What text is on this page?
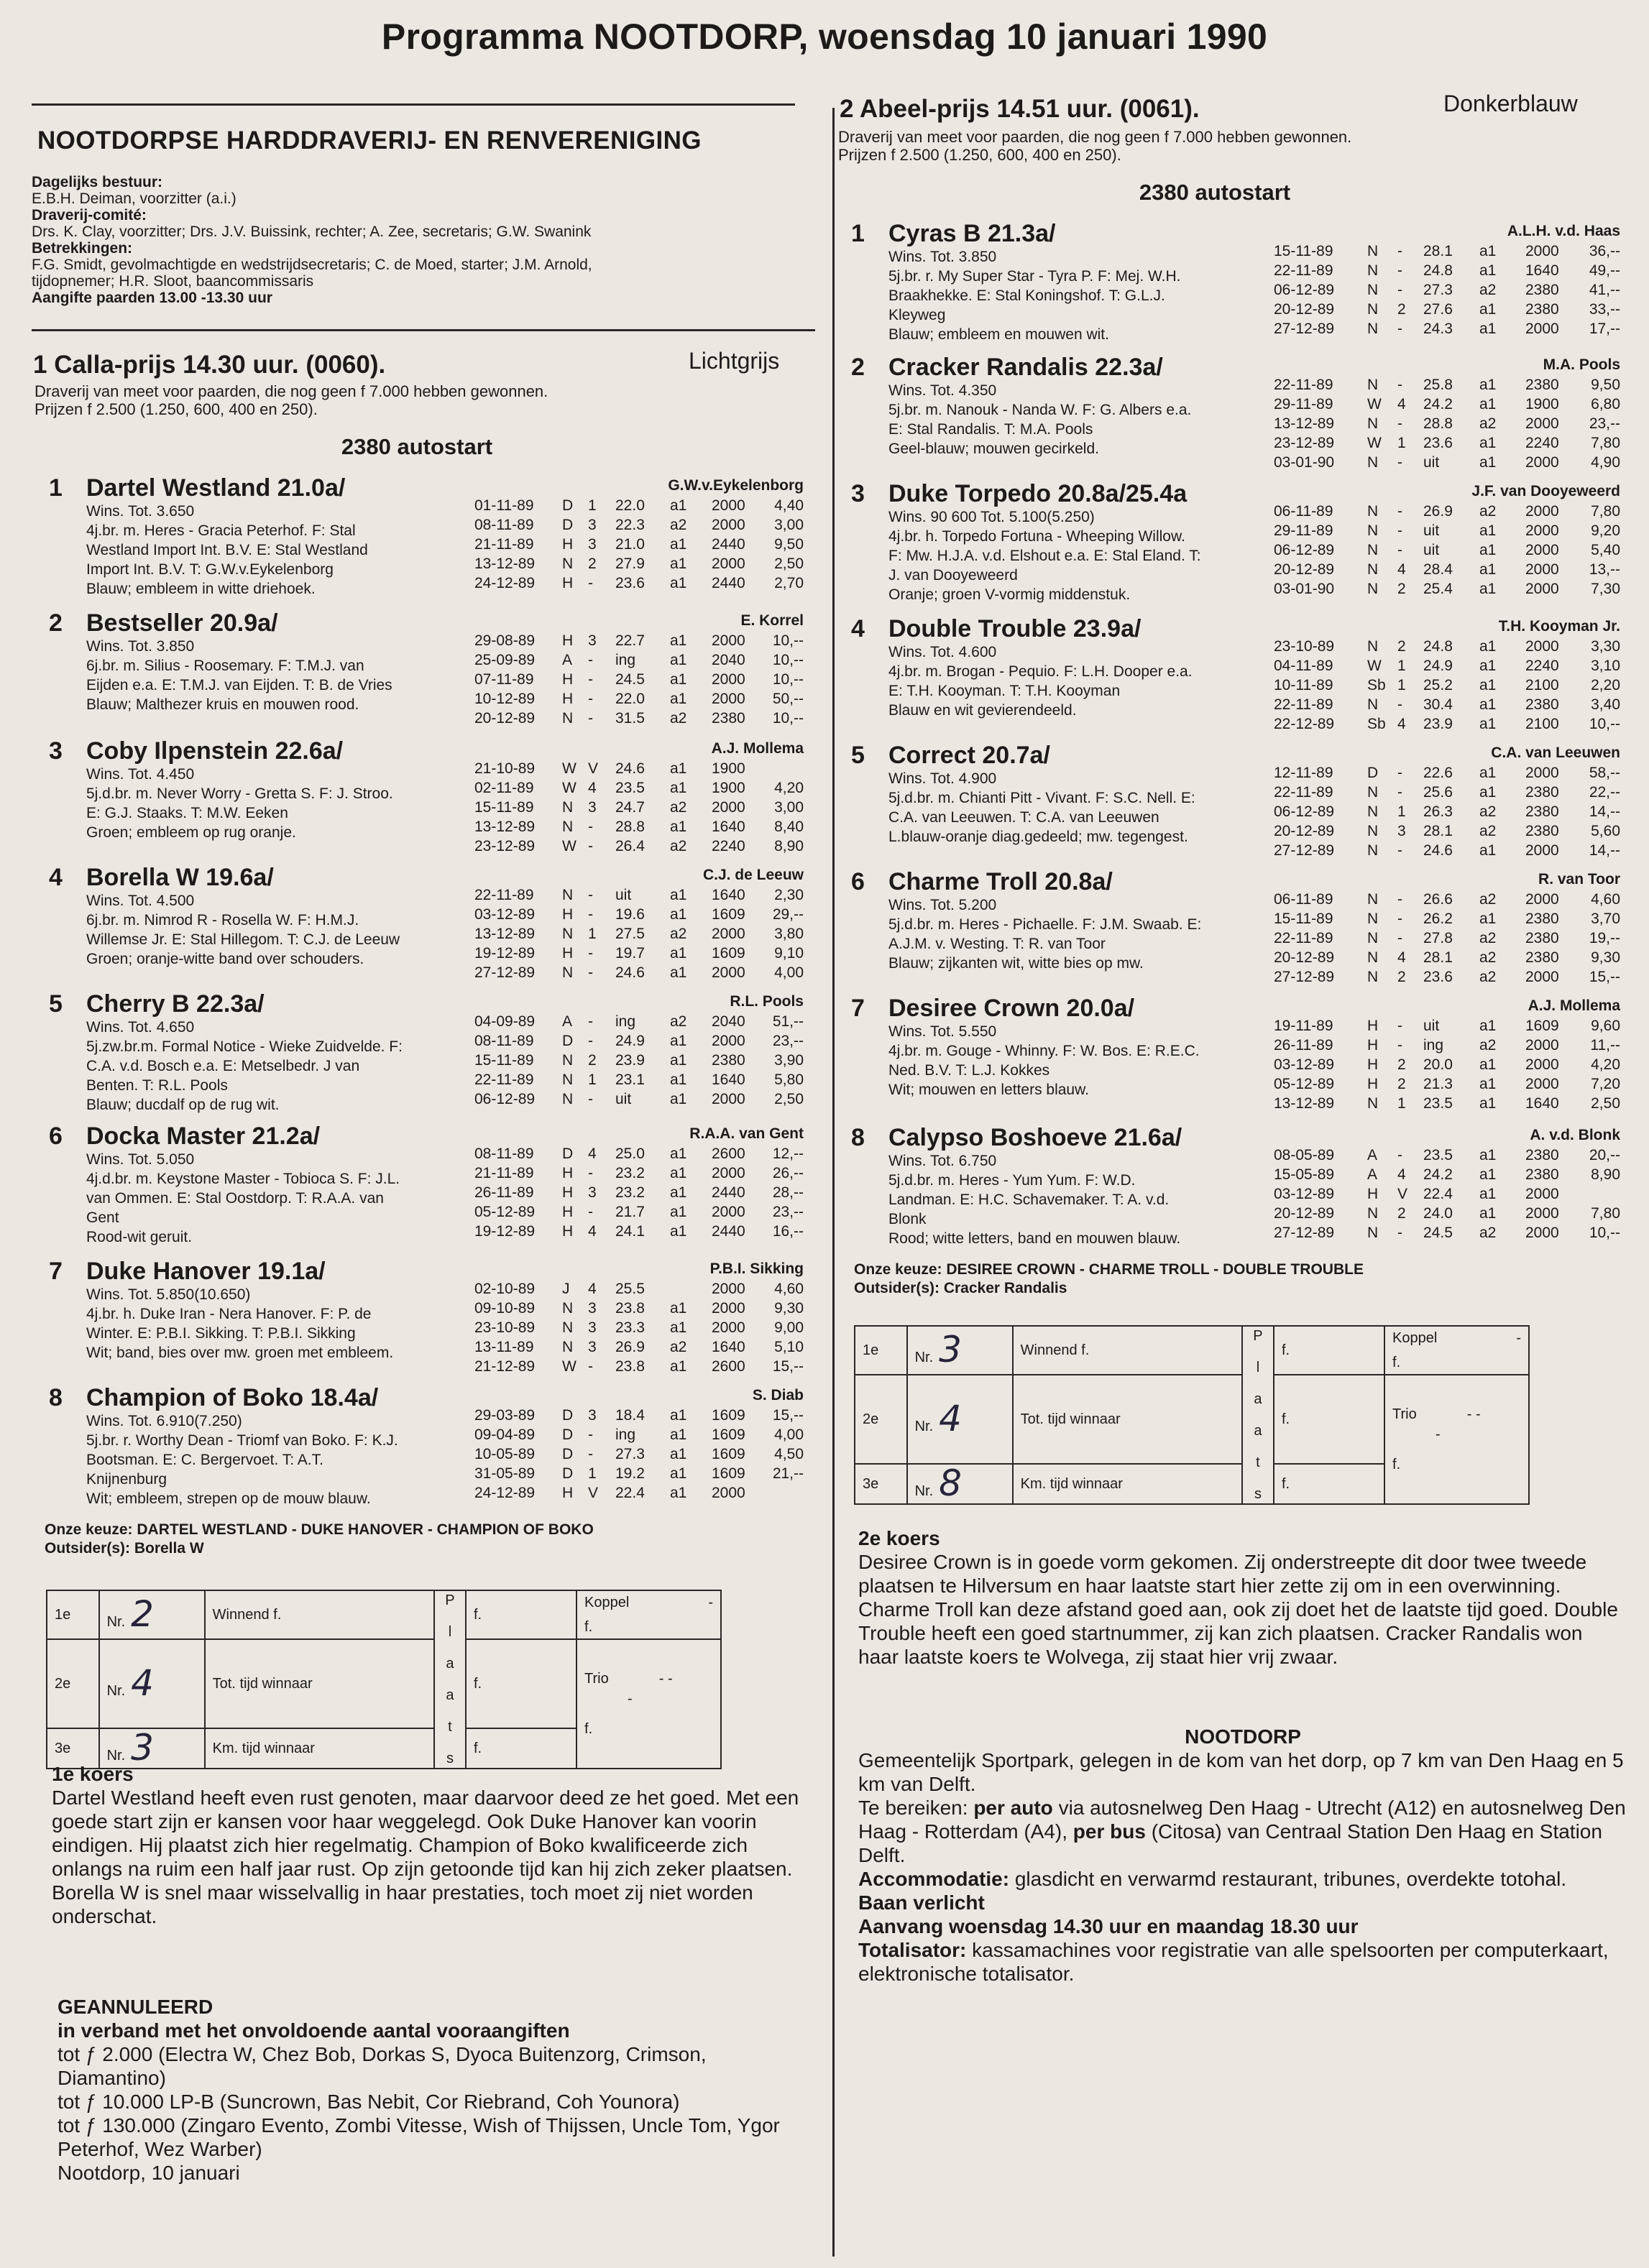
Programma NOOTDORP, woensdag 10 januari 1990
NOOTDORPSE HARDDRAVERIJ- EN RENVERENIGING
Dagelijks bestuur:
E.B.H. Deiman, voorzitter (a.i.)
Draverij-comité:
Drs. K. Clay, voorzitter; Drs. J.V. Buissink, rechter; A. Zee, secretaris; G.W. Swanink
Betrekkingen:
F.G. Smidt, gevolmachtigde en wedstrijdsecretaris; C. de Moed, starter; J.M. Arnold,
tijdopnemer; H.R. Sloot, baancommissaris
Aangifte paarden 13.00 -13.30 uur
1 Calla-prijs 14.30 uur. (0060).	Lichtgrijs
Draverij van meet voor paarden, die nog geen f 7.000 hebben gewonnen.
Prijzen f 2.500 (1.250, 600, 400 en 250).
2380 autostart
1 Dartel Westland 21.0a/	G.W.v.Eykelenborg
Wins. Tot. 3.650
4j.br. m. Heres - Gracia Peterhof. F: Stal
Westland Import Int. B.V. E: Stal Westland
Import Int. B.V. T: G.W.v.Eykelenborg
Blauw; embleem in witte driehoek.
01-11-89 D 1 22.0 a1 2000 4,40
08-11-89 D 3 22.3 a2 2000 3,00
21-11-89 H 3 21.0 a1 2440 9,50
13-12-89 N 2 27.9 a1 2000 2,50
24-12-89 H - 23.6 a1 2440 2,70
2 Bestseller 20.9a/	E. Korrel
Wins. Tot. 3.850
6j.br. m. Silius - Roosemary. F: T.M.J. van
Eijden e.a. E: T.M.J. van Eijden. T: B. de Vries
Blauw; Malthezer kruis en mouwen rood.
29-08-89 H 3 22.7 a1 2000 10,--
25-09-89 A - ing a1 2040 10,--
07-11-89 H - 24.5 a1 2000 10,--
10-12-89 H - 22.0 a1 2000 50,--
20-12-89 N - 31.5 a2 2380 10,--
3 Coby Ilpenstein 22.6a/	A.J. Mollema
Wins. Tot. 4.450
5j.d.br. m. Never Worry - Gretta S. F: J. Stroo.
E: G.J. Staaks. T: M.W. Eeken
Groen; embleem op rug oranje.
21-10-89 W V 24.6 a1 1900
02-11-89 W 4 23.5 a1 1900 4,20
15-11-89 N 3 24.7 a2 2000 3,00
13-12-89 N - 28.8 a1 1640 8,40
23-12-89 W - 26.4 a2 2240 8,90
4 Borella W 19.6a/	C.J. de Leeuw
Wins. Tot. 4.500
6j.br. m. Nimrod R - Rosella W. F: H.M.J.
Willemse Jr. E: Stal Hillegom. T: C.J. de Leeuw
Groen; oranje-witte band over schouders.
22-11-89 N - uit	a1 1640 2,30
03-12-89 H - 19.6 a1 1609 29,--
13-12-89 N 1 27.5 a2 2000 3,80
19-12-89 H - 19.7 a1 1609 9,10
27-12-89 N - 24.6 a1 2000 4,00
5 Cherry B 22.3a/	R.L. Pools
Wins. Tot. 4.650
5j.zw.br.m. Formal Notice - Wieke Zuidvelde. F:
C.A. v.d. Bosch e.a. E: Metselbedr. J van
Benten. T: R.L. Pools
Blauw; ducdalf op de rug wit.
04-09-89 A - ing a2 2040 51,--
08-11-89 D - 24.9 a1 2000 23,--
15-11-89 N 2 23.9 a1 2380 3,90
22-11-89 N 1 23.1 a1 1640 5,80
06-12-89 N - uit	a1 2000 2,50
6 Docka Master 21.2a/	R.A.A. van Gent
Wins. Tot. 5.050
4j.d.br. m. Keystone Master - Tobioca S. F: J.L.
van Ommen. E: Stal Oostdorp. T: R.A.A. van
Gent
Rood-wit geruit.
08-11-89 D 4 25.0 a1 2600 12,--
21-11-89 H - 23.2 a1 2000 26,--
26-11-89 H 3 23.2 a1 2440 28,--
05-12-89 H - 21.7 a1 2000 23,--
19-12-89 H 4 24.1 a1 2440 16,--
7 Duke Hanover 19.1a/	P.B.I. Sikking
Wins. Tot. 5.850(10.650)
4j.br. h. Duke Iran - Nera Hanover. F: P. de
Winter. E: P.B.I. Sikking. T: P.B.I. Sikking
Wit; band, bies over mw. groen met embleem.
02-10-89 J 4 25.5	2000 4,60
09-10-89 N 3 23.8 a1 2000 9,30
23-10-89 N 3 23.3 a1 2000 9,00
13-11-89 N 3 26.9 a2 1640 5,10
21-12-89 W - 23.8 a1 2600 15,--
8 Champion of Boko 18.4a/	S. Diab
Wins. Tot. 6.910(7.250)
5j.br. r. Worthy Dean - Triomf van Boko. F: K.J.
Bootsman. E: C. Bergervoet. T: A.T.
Knijnenburg
Wit; embleem, strepen op de mouw blauw.
29-03-89 D 3 18.4 a1 1609 15,--
09-04-89 D - ing a1 1609 4,00
10-05-89 D - 27.3 a1 1609 4,50
31-05-89 D 1 19.2 a1 1609 21,--
24-12-89 H V 22.4 a1 2000
Onze keuze: DARTEL WESTLAND - DUKE HANOVER - CHAMPION OF BOKO
Outsider(s): Borella W
1e	Nr. 2	Winnend f.	P l a a t s	f.	Koppel -
f.

2e	Nr. 4	Tot. tijd winnaar		f.	Trio - --
f.

3e	Nr. 3	Km. tijd winnaar		f.	
1e koers
Dartel Westland heeft even rust genoten, maar daarvoor deed ze het goed. Met een goede start zijn er kansen voor haar weggelegd. Ook Duke Hanover kan voorin eindigen. Hij plaatst zich hier regelmatig. Champion of Boko kwalificeerde zich onlangs na ruim een half jaar rust. Op zijn getoonde tijd kan hij zich zeker plaatsen. Borella W is snel maar wisselvallig in haar prestaties, toch moet zij niet worden onderschat.
GEANNULEERD
in verband met het onvoldoende aantal vooraangiften
tot ƒ 2.000 (Electra W, Chez Bob, Dorkas S, Dyoca Buitenzorg, Crimson, Diamantino)
tot ƒ 10.000 LP-B (Suncrown, Bas Nebit, Cor Riebrand, Coh Younora)
tot ƒ 130.000 (Zingaro Evento, Zombi Vitesse, Wish of Thijssen, Uncle Tom, Ygor Peterhof, Wez Warber)
Nootdorp, 10 januari
2 Abeel-prijs 14.51 uur. (0061).	Donkerblauw
Draverij van meet voor paarden, die nog geen f 7.000 hebben gewonnen.
Prijzen f 2.500 (1.250, 600, 400 en 250).
2380 autostart
1 Cyras B 21.3a/	A.L.H. v.d. Haas
Wins. Tot. 3.850
5j.br. r. My Super Star - Tyra P. F: Mej. W.H.
Braakhekke. E: Stal Koningshof. T: G.L.J.
Kleyweg
Blauw; embleem en mouwen wit.
15-11-89 N - 28.1 a1 2000 36,--
22-11-89 N - 24.8 a1 1640 49,--
06-12-89 N - 27.3 a2 2380 41,--
20-12-89 N 2 27.6 a1 2380 33,--
27-12-89 N - 24.3 a1 2000 17,--
2 Cracker Randalis 22.3a/	M.A. Pools
Wins. Tot. 4.350
5j.br. m. Nanouk - Nanda W. F: G. Albers e.a.
E: Stal Randalis. T: M.A. Pools
Geel-blauw; mouwen gecirkeld.
22-11-89 N - 25.8 a1 2380 9,50
29-11-89 W 4 24.2 a1 1900 6,80
13-12-89 N - 28.8 a2 2000 23,--
23-12-89 W 1 23.6 a1 2240 7,80
03-01-90 N - uit	a1 2000 4,90
3 Duke Torpedo 20.8a/25.4a	J.F. van Dooyeweerd
Wins. 90 600 Tot. 5.100(5.250)
4j.br. h. Torpedo Fortuna - Wheeping Willow.
F: Mw. H.J.A. v.d. Elshout e.a. E: Stal Eland. T:
J. van Dooyeweerd
Oranje; groen V-vormig middenstuk.
06-11-89 N - 26.9 a2 2000 7,80
29-11-89 N - uit	a1 2000 9,20
06-12-89 N - uit	a1 2000 5,40
20-12-89 N 4 28.4 a1 2000 13,--
03-01-90 N 2 25.4 a1 2000 7,30
4 Double Trouble 23.9a/	T.H. Kooyman Jr.
Wins. Tot. 4.600
4j.br. m. Brogan - Pequio. F: L.H. Dooper e.a.
E: T.H. Kooyman. T: T.H. Kooyman
Blauw en wit gevierendeeld.
23-10-89 N 2 24.8 a1 2000 3,30
04-11-89 W 1 24.9 a1 2240 3,10
10-11-89 Sb 1 25.2 a1 2100 2,20
22-11-89 N - 30.4 a1 2380 3,40
22-12-89 Sb 4 23.9 a1 2100 10,--
5 Correct 20.7a/	C.A. van Leeuwen
Wins. Tot. 4.900
5j.d.br. m. Chianti Pitt - Vivant. F: S.C. Nell. E:
C.A. van Leeuwen. T: C.A. van Leeuwen
L.blauw-oranje diag.gedeeld; mw. tegengest.
12-11-89 D - 22.6 a1 2000 58,--
22-11-89 N - 25.6 a1 2380 22,--
06-12-89 N 1 26.3 a2 2380 14,--
20-12-89 N 3 28.1 a2 2380 5,60
27-12-89 N - 24.6 a1 2000 14,--
6 Charme Troll 20.8a/	R. van Toor
Wins. Tot. 5.200
5j.d.br. m. Heres - Pichaelle. F: J.M. Swaab. E:
A.J.M. v. Westing. T: R. van Toor
Blauw; zijkanten wit, witte bies op mw.
06-11-89 N - 26.6 a2 2000 4,60
15-11-89 N - 26.2 a1 2380 3,70
22-11-89 N - 27.8 a2 2380 19,--
20-12-89 N 4 28.1 a2 2380 9,30
27-12-89 N 2 23.6 a2 2000 15,--
7 Desiree Crown 20.0a/	A.J. Mollema
Wins. Tot. 5.550
4j.br. m. Gouge - Whinny. F: W. Bos. E: R.E.C.
Ned. B.V. T: L.J. Kokkes
Wit; mouwen en letters blauw.
19-11-89 H - uit	a1 1609 9,60
26-11-89 H - ing a2 2000 11,--
03-12-89 H 2 20.0 a1 2000 4,20
05-12-89 H 2 21.3 a1 2000 7,20
13-12-89 N 1 23.5 a1 1640 2,50
8 Calypso Boshoeve 21.6a/	A. v.d. Blonk
Wins. Tot. 6.750
5j.d.br. m. Heres - Yum Yum. F: W.D.
Landman. E: H.C. Schavemaker. T: A. v.d.
Blonk
Rood; witte letters, band en mouwen blauw.
08-05-89 A - 23.5 a1 2380 20,--
15-05-89 A 4 24.2 a1 2380 8,90
03-12-89 H V 22.4 a1 2000
20-12-89 N 2 24.0 a1 2000 7,80
27-12-89 N - 24.5 a2 2000 10,--
Onze keuze: DESIREE CROWN - CHARME TROLL - DOUBLE TROUBLE
Outsider(s): Cracker Randalis
1e	Nr. 3	Winnend f.	P l a a t s	f.	Koppel -
f.

2e	Nr. 4	Tot. tijd winnaar		f.	Trio - --
f.

3e	Nr. 8	Km. tijd winnaar		f.	
2e koers
Desiree Crown is in goede vorm gekomen. Zij onderstreepte dit door twee tweede plaatsen te Hilversum en haar laatste start hier zette zij om in een overwinning. Charme Troll kan deze afstand goed aan, ook zij doet het de laatste tijd goed. Double Trouble heeft een goed startnummer, zij kan zich plaatsen. Cracker Randalis won haar laatste koers te Wolvega, zij staat hier vrij zwaar.
NOOTDORP
Gemeentelijk Sportpark, gelegen in de kom van het dorp, op 7 km van Den Haag en 5 km van Delft.
Te bereiken: per auto via autosnelweg Den Haag - Utrecht (A12) en autosnelweg Den Haag - Rotterdam (A4), per bus (Citosa) van Centraal Station Den Haag en Station Delft.
Accommodatie: glasdicht en verwarmd restaurant, tribunes, overdekte totohal.
Baan verlicht
Aanvang woensdag 14.30 uur en maandag 18.30 uur
Totalisator: kassamachines voor registratie van alle spelsoorten per computerkaart, elektronische totalisator.
